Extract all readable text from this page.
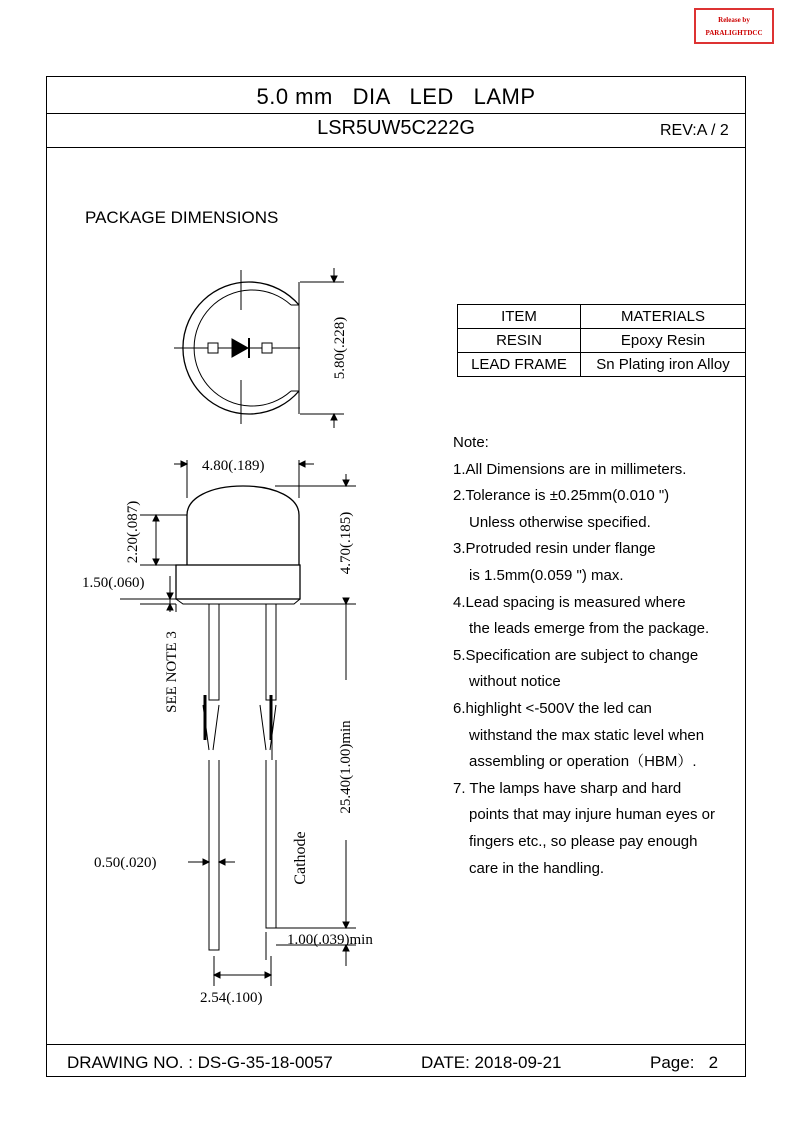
Release by
PARALIGHTDCC
5.0 mm   DIA   LED   LAMP
LSR5UW5C222G	REV:A / 2
PACKAGE DIMENSIONS
ITEM	MATERIALS
RESIN	Epoxy Resin
LEAD FRAME	Sn Plating iron Alloy
Note:
1.All Dimensions are in millimeters.
2.Tolerance is ±0.25mm(0.010 ")
Unless otherwise specified.
3.Protruded resin under flange
is 1.5mm(0.059 ") max.
4.Lead spacing is measured where
the leads emerge from the package.
5.Specification are subject to change
without notice
6.highlight <-500V the led can
withstand the max static level when
assembling or operation（HBM）.
7. The lamps have sharp and hard
points that may injure human eyes or
fingers etc., so please pay enough
care in the handling.
5.80(.228)
4.80(.189)
2.20(.087)
1.50(.060)
4.70(.185)
SEE NOTE 3
25.40(1.00)min
Cathode
0.50(.020)
1.00(.039)min
2.54(.100)
DRAWING NO. : DS-G-35-18-0057	DATE: 2018-09-21	Page:   2
